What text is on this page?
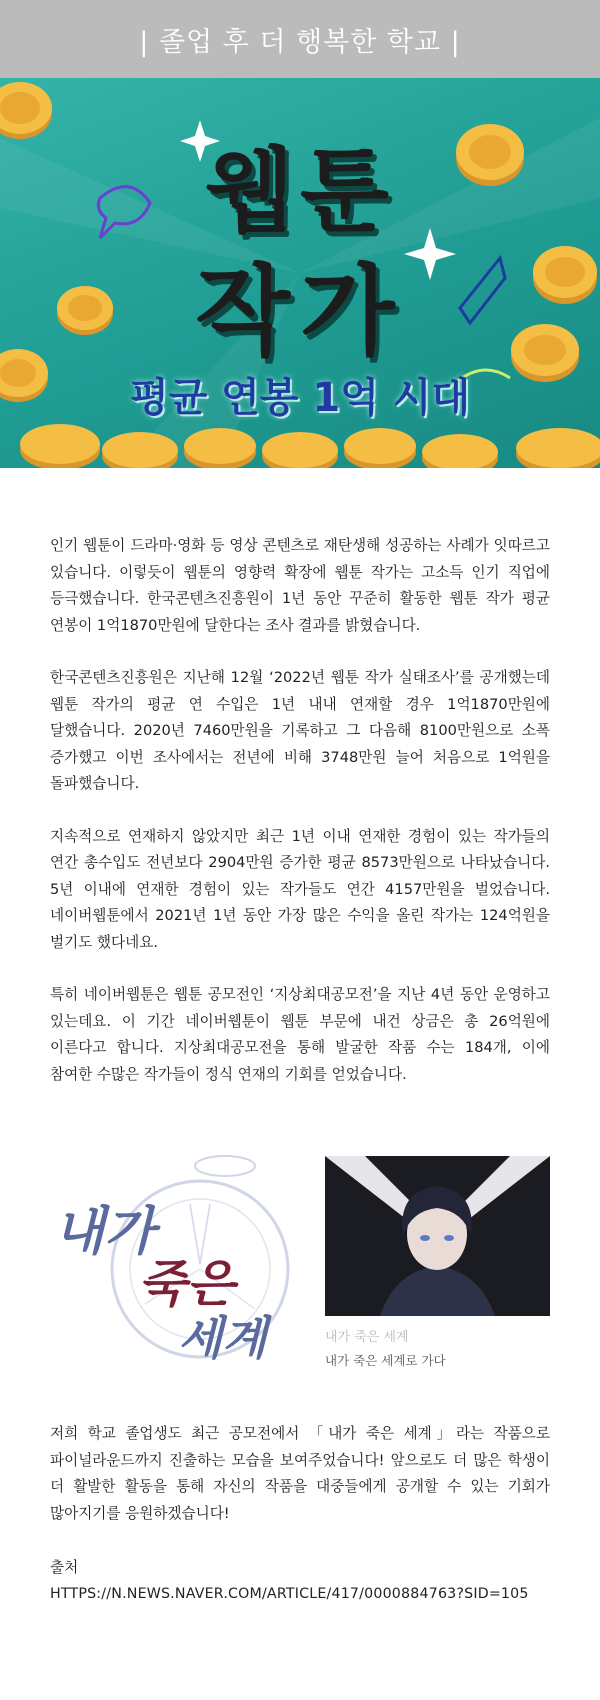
| 졸업 후 더 행복한 학교 |
웹툰
작가
평균 연봉 1억 시대

인기 웹툰이 드라마·영화 등 영상 콘텐츠로 재탄생해 성공하는 사례가 잇따르고 있습니다. 이렇듯이 웹툰의 영향력 확장에 웹툰 작가는 고소득 인기 직업에 등극했습니다. 한국콘텐츠진흥원이 1년 동안 꾸준히 활동한 웹툰 작가 평균 연봉이 1억1870만원에 달한다는 조사 결과를 밝혔습니다.

한국콘텐츠진흥원은 지난해 12월 ‘2022년 웹툰 작가 실태조사’를 공개했는데 웹툰 작가의 평균 연 수입은 1년 내내 연재할 경우 1억1870만원에 달했습니다. 2020년 7460만원을 기록하고 그 다음해 8100만원으로 소폭 증가했고 이번 조사에서는 전년에 비해 3748만원 늘어 처음으로 1억원을 돌파했습니다.

지속적으로 연재하지 않았지만 최근 1년 이내 연재한 경험이 있는 작가들의 연간 총수입도 전년보다 2904만원 증가한 평균 8573만원으로 나타났습니다. 5년 이내에 연재한 경험이 있는 작가들도 연간 4157만원을 벌었습니다. 네이버웹툰에서 2021년 1년 동안 가장 많은 수익을 올린 작가는 124억원을 벌기도 했다네요.

특히 네이버웹툰은 웹툰 공모전인 ‘지상최대공모전’을 지난 4년 동안 운영하고 있는데요. 이 기간 네이버웹툰이 웹툰 부문에 내건 상금은 총 26억원에 이른다고 합니다. 지상최대공모전을 통해 발굴한 작품 수는 184개, 이에 참여한 수많은 작가들이 정식 연재의 기회를 얻었습니다.

내가
죽은
세계	내가 죽은 세계
내가 죽은 세계로 가다

저희 학교 졸업생도 최근 공모전에서 「내가 죽은 세계」라는 작품으로 파이널라운드까지 진출하는 모습을 보여주었습니다! 앞으로도 더 많은 학생이 더 활발한 활동을 통해 자신의 작품을 대중들에게 공개할 수 있는 기회가 많아지기를 응원하겠습니다!

출처
HTTPS://N.NEWS.NAVER.COM/ARTICLE/417/0000884763?SID=105
